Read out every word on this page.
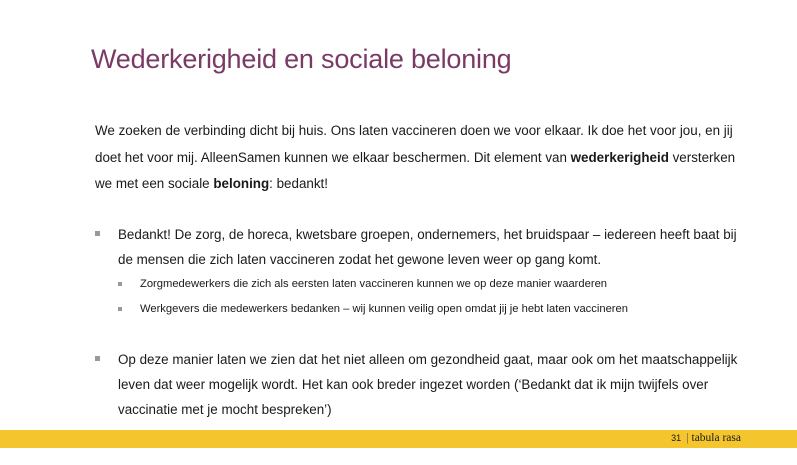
Wederkerigheid en sociale beloning
We zoeken de verbinding dicht bij huis. Ons laten vaccineren doen we voor elkaar. Ik doe het voor jou, en jij doet het voor mij. AlleenSamen kunnen we elkaar beschermen. Dit element van wederkerigheid versterken we met een sociale beloning: bedankt!
Bedankt! De zorg, de horeca, kwetsbare groepen, ondernemers, het bruidspaar – iedereen heeft baat bij de mensen die zich laten vaccineren zodat het gewone leven weer op gang komt.
Zorgmedewerkers die zich als eersten laten vaccineren kunnen we op deze manier waarderen
Werkgevers die medewerkers bedanken – wij kunnen veilig open omdat jij je hebt laten vaccineren
Op deze manier laten we zien dat het niet alleen om gezondheid gaat, maar ook om het maatschappelijk leven dat weer mogelijk wordt. Het kan ook breder ingezet worden (‘Bedankt dat ik mijn twijfels over vaccinatie met je mocht bespreken’)
31 | tabula rasa
